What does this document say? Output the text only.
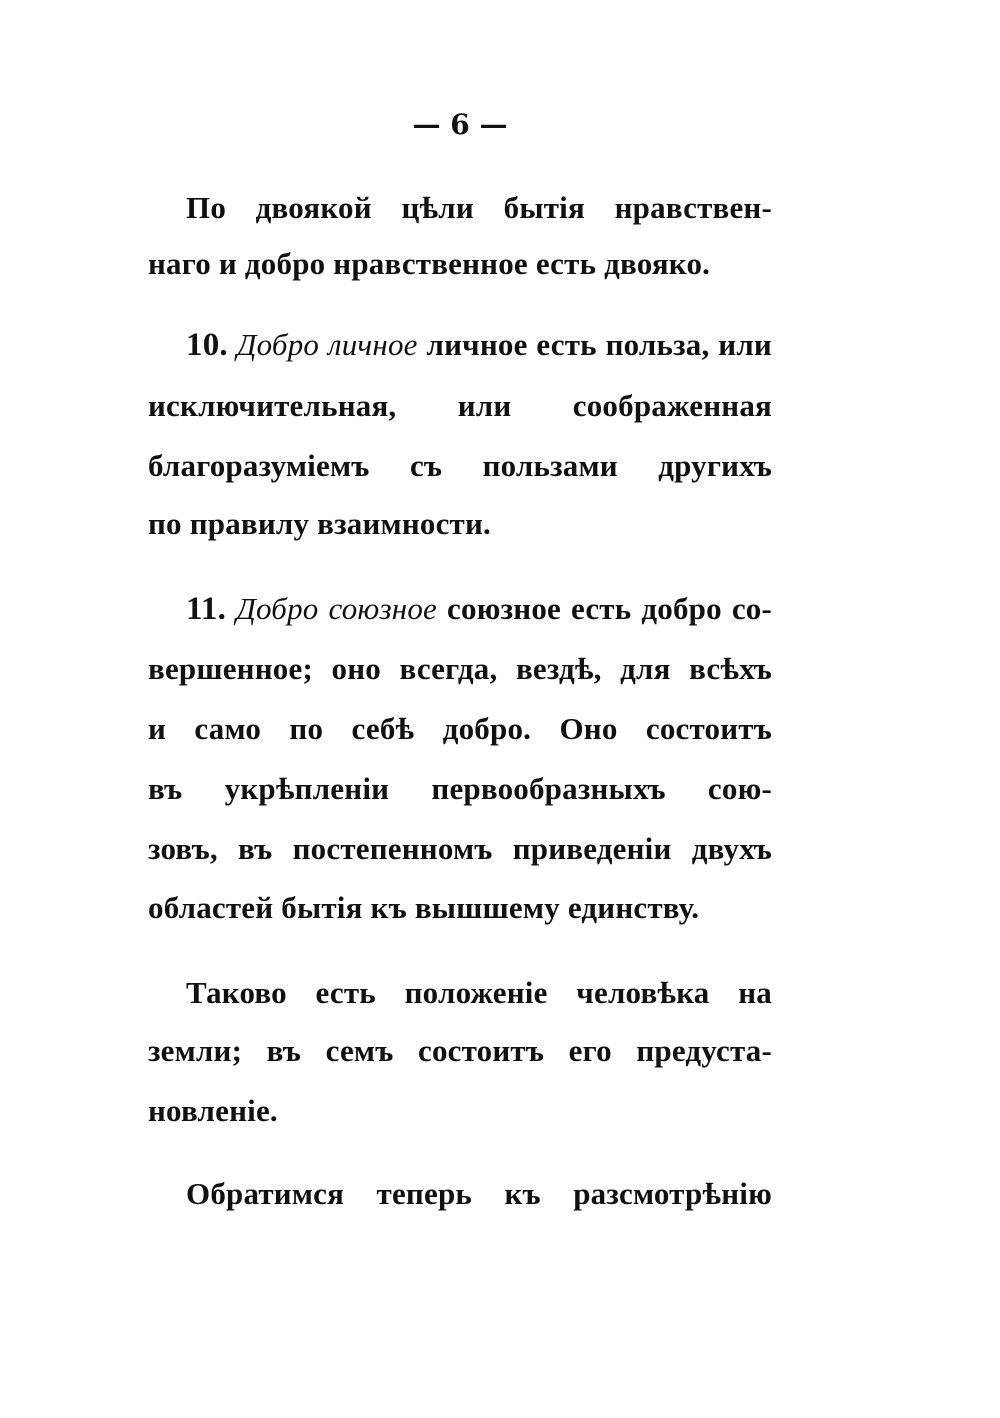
— 6 —
По двоякой цѣли бытія нравствен-
наго и добро нравственное есть двояко.
10. Добро личное личное есть польза, или
исключительная, или соображенная
благоразуміемъ съ пользами другихъ
по правилу взаимности.
11. Добро союзное союзное есть добро со-
вершенное; оно всегда, вездѣ, для всѣхъ
и само по себѣ добро. Оно состоитъ
въ укрѣпленіи первообразныхъ сою-
зовъ, въ постепенномъ приведеніи двухъ
областей бытія къ вышшему единству.
Таково есть положеніе человѣка на
земли; въ семъ состоитъ его предуста-
новленіе.
Обратимся теперь къ разсмотрѣнію
